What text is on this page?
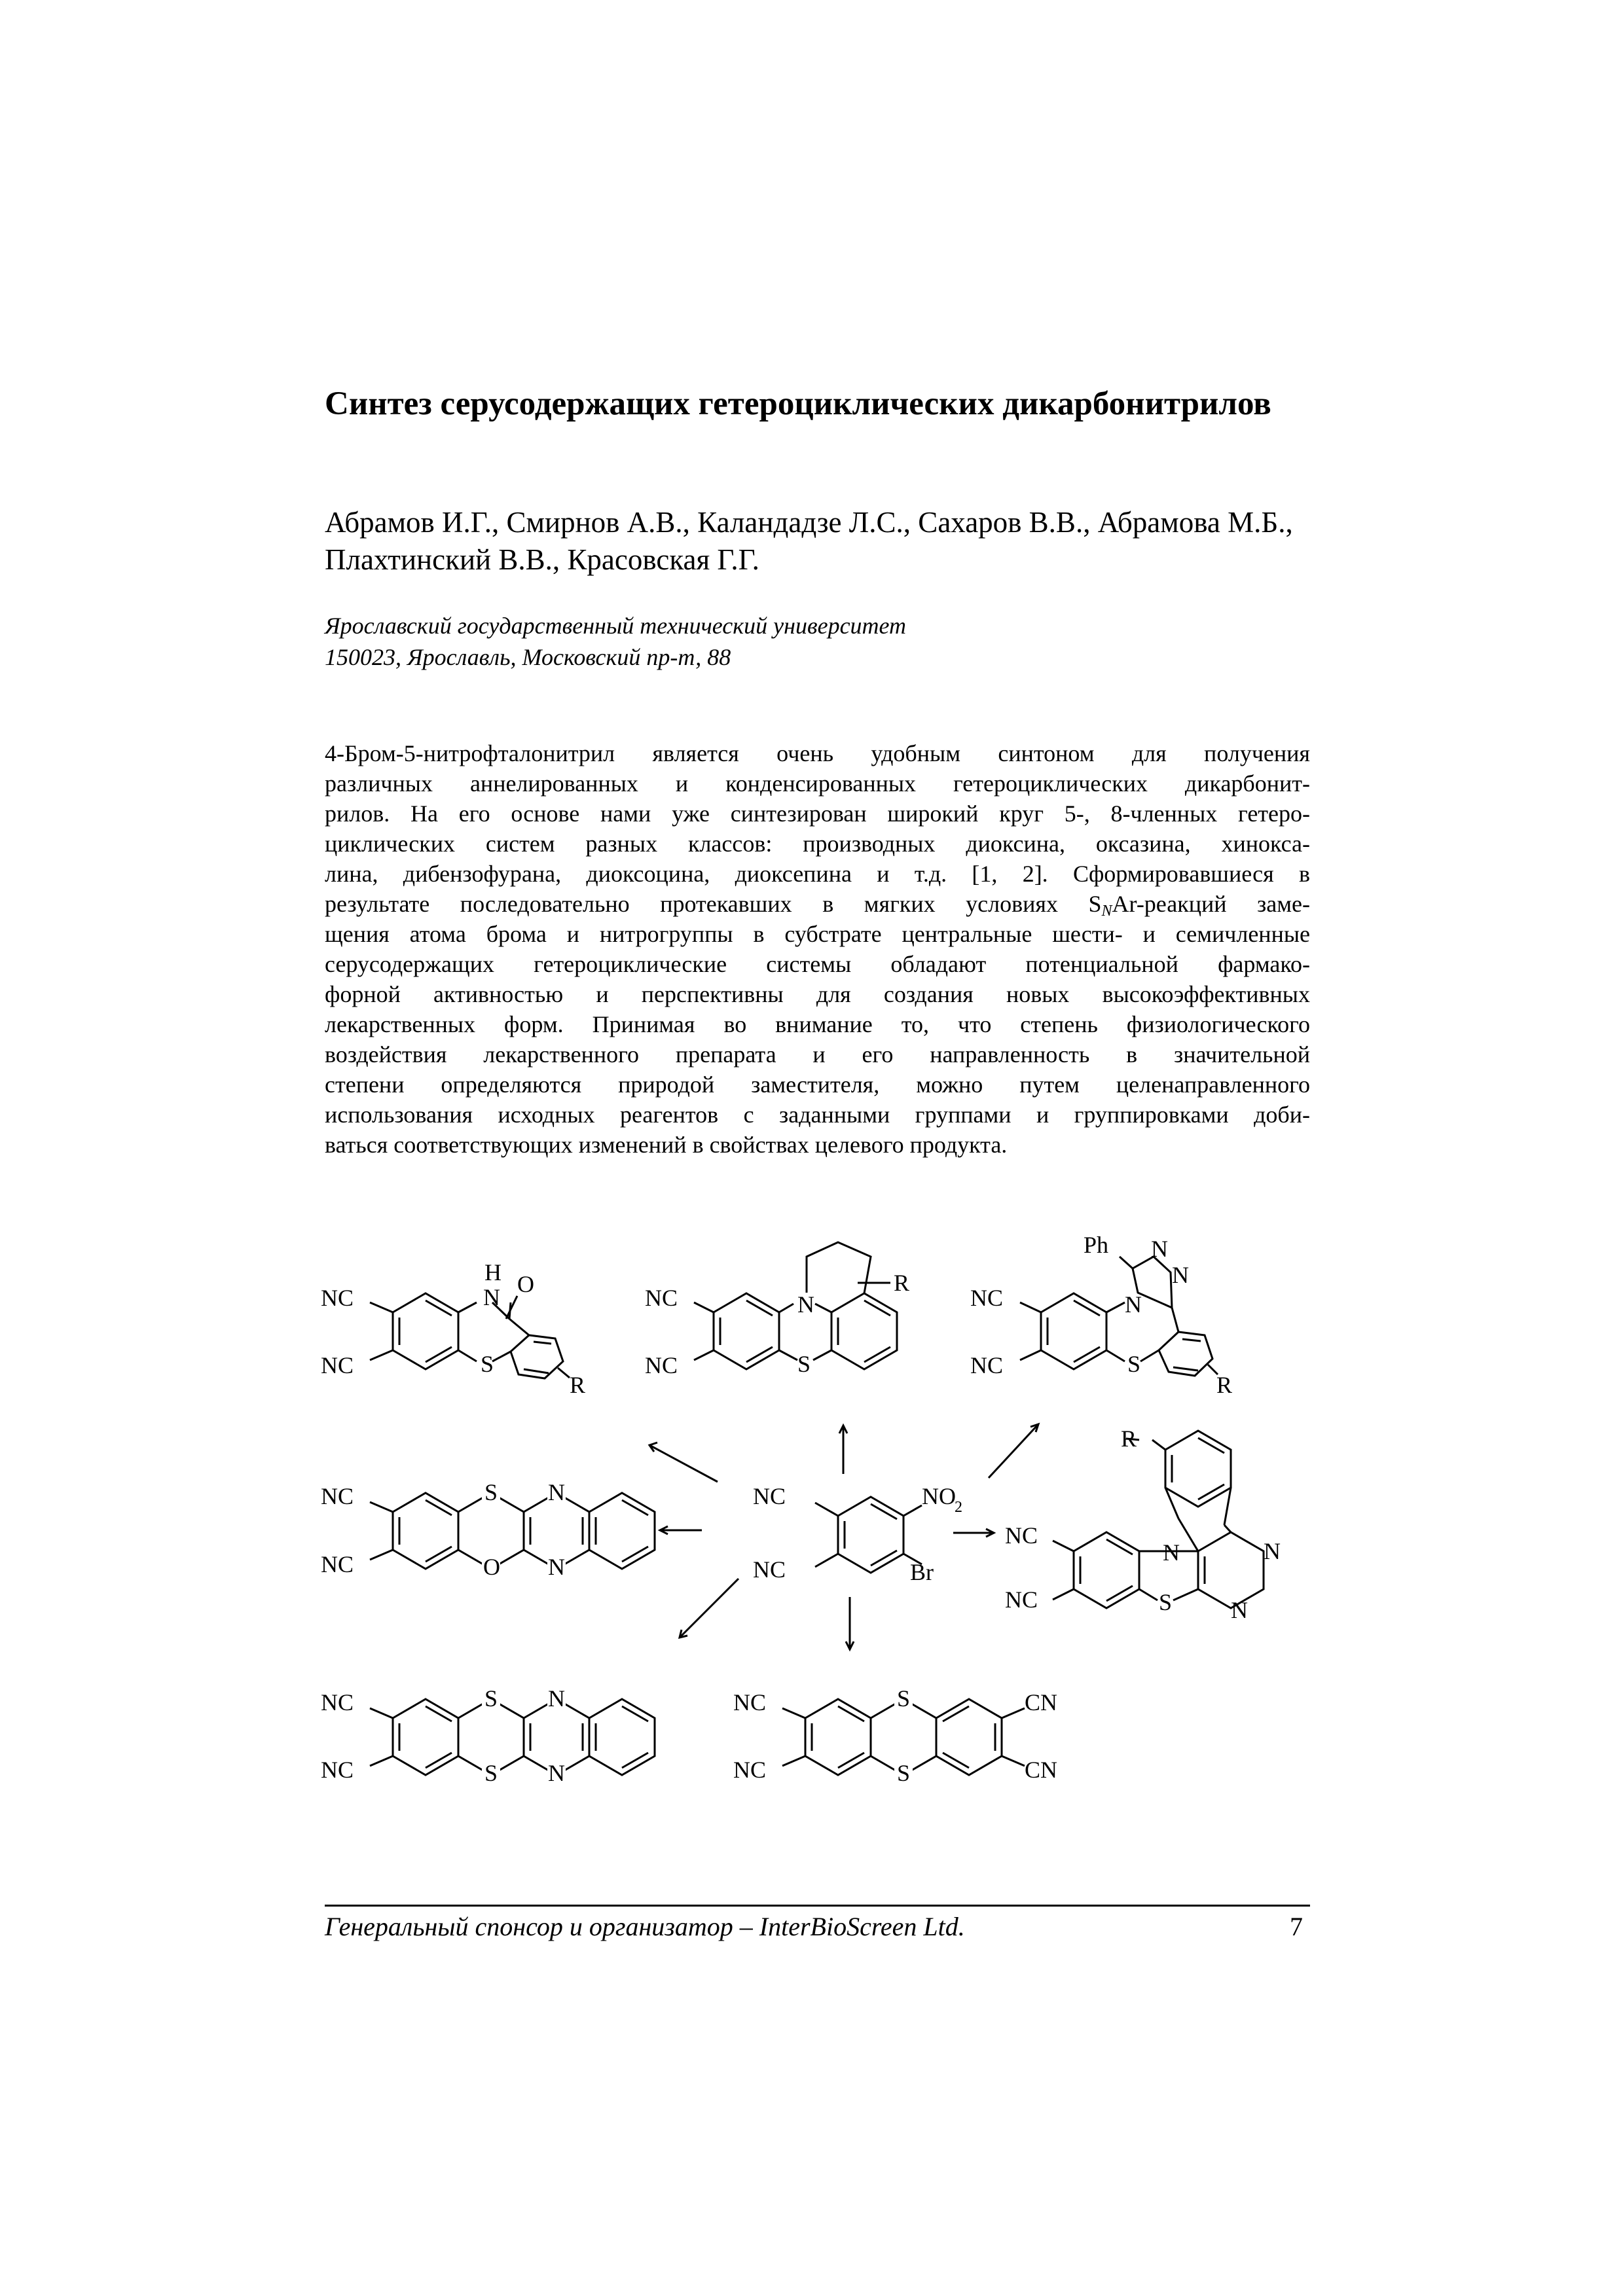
Синтез серусодержащих гетероциклических дикарбонитрилов

Абрамов И.Г., Смирнов А.В., Каландадзе Л.С., Сахаров В.В., Абрамова М.Б., Плахтинский В.В., Красовская Г.Г.

Ярославский государственный технический университет
150023, Ярославль, Московский пр-т, 88
4-Бром-5-нитрофталонитрил является очень удобным синтоном для получения
различных аннелированных и конденсированных гетероциклических дикарбонит-
рилов. На его основе нами уже синтезирован широкий круг 5-, 8-членных гетеро-
циклических систем разных классов: производных диоксина, оксазина, хинокса-
лина, дибензофурана, диоксоцина, диоксепина и т.д. [1, 2]. Сформировавшиеся в
результате последовательно протекавших в мягких условиях $S_NAr$-реакций заме-
щения атома брома и нитрогруппы в субстрате центральные шести- и семичленные
серусодержащих гетероциклические системы обладают потенциальной фармако-
форной активностью и перспективны для создания новых высокоэффективных
лекарственных форм. Принимая во внимание то, что степень физиологического
воздействия лекарственного препарата и его направленность в значительной
степени определяются природой заместителя, можно путем целенаправленного
использования исходных реагентов с заданными группами и группировками доби-
ваться соответствующих изменений в свойствах целевого продукта.
NC
NC
NO
2
Br
NC
NC
H
N O
S
R
NC
NC
N
S
R
Ph N
N
NC
NC
N
S
R
NC
NC
S
O
N
N
R
NC
NC
N	N
N
S
NC
NC
S
S
N
N
NC
NC
S
S
CN
CN

Генеральный спонсор и организатор – InterBioScreen Ltd.	7
